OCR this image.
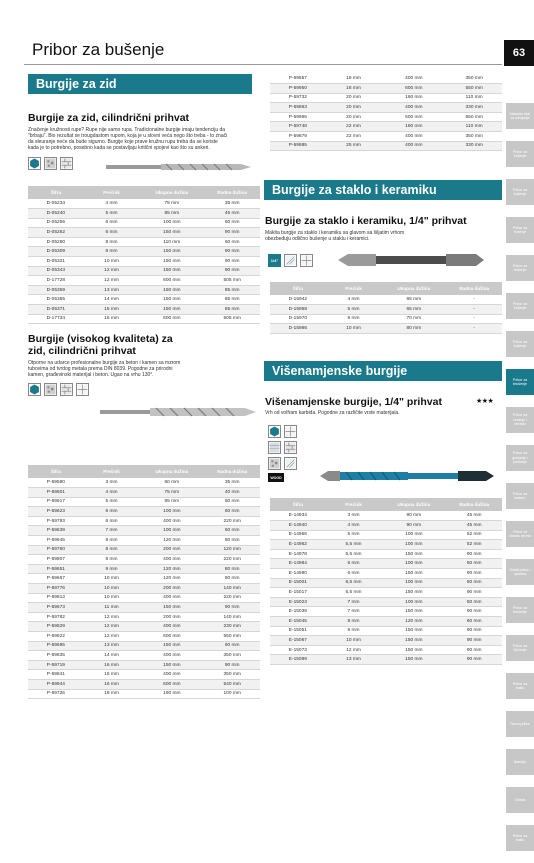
Pribor za bušenje	63
Nasadni alat za odvijanje
Pribor za bušenje
Pribor za bušenje
Pribor za bušenje
Pribor za bušenje
Pribor za bušenje
Pribor za bušenje
Pribor za brušenje
Pribor za rezanje i obradu
Pribor za glodanje i poliranje
Pribor za testere
Pribor za obradu drveta
Ostali pribor i oprema
Pribor za brušenje
Pribor za čišćenje
Pribor za baštu
Razni pribor
Baterije
Odeća
Pribor za baštu
Burgije za zid
Burgije za zid, cilindrični prihvat
Značenje kružnosti rupe? Rupe nije samo rupa. Tradicionalne burgije imaju tendenciju da
"brbaju". Bio rezultat se trougdastom rupom, koja je u slovni veća nego što treba - to znači
da sleuranje neće da bude sigurno. Burgije koje prave kružnu rupu treba da se koriste
kada je to potrebno, posebno kada se postavljaju kritični spojevi kao što su ankeri.
Šifra	Prečnik	Ukupna dužina	Radna dužina
D-05234	4 mm	75 mm	35 mm
D-05240	5 mm	85 mm	45 mm
D-05256	6 mm	100 mm	60 mm
D-05262	6 mm	150 mm	90 mm
D-05290	8 mm	110 mm	60 mm
D-05309	8 mm	150 mm	90 mm
D-05321	10 mm	150 mm	90 mm
D-05343	12 mm	150 mm	90 mm
D-17728	12 mm	600 mm	505 mm
D-05359	13 mm	150 mm	85 mm
D-05365	14 mm	150 mm	85 mm
D-05371	15 mm	150 mm	85 mm
D-17734	16 mm	600 mm	505 mm
Burgije (visokog kvaliteta) za
zid, cilindrični prihvat
Otporne na udarce profesionalne burgije za beton i kamen sa mzrom
tubovima od tvrdog metala prema DIN 8039. Pogodne za prirodni
kamen, građevinski materijal i beton. Ugao na vrhu 130°.
Šifra	Prečnik	Ukupna dužina	Radna dužina
P-59580	3 mm	60 mm	35 mm
P-59601	4 mm	75 mm	40 mm
P-59617	5 mm	85 mm	50 mm
P-59623	6 mm	100 mm	60 mm
P-59793	6 mm	400 mm	220 mm
P-59639	7 mm	100 mm	60 mm
P-59645	8 mm	120 mm	80 mm
P-59760	8 mm	200 mm	120 mm
P-59807	8 mm	400 mm	220 mm
P-59651	9 mm	120 mm	80 mm
P-59667	10 mm	120 mm	80 mm
P-59776	10 mm	200 mm	140 mm
P-59813	10 mm	400 mm	220 mm
P-59673	11 mm	150 mm	90 mm
P-59782	12 mm	200 mm	140 mm
P-59829	12 mm	400 mm	230 mm
P-59822	12 mm	600 mm	550 mm
P-59695	13 mm	150 mm	90 mm
P-59835	14 mm	400 mm	350 mm
P-59719	16 mm	150 mm	90 mm
P-59841	16 mm	400 mm	350 mm
P-59944	16 mm	600 mm	540 mm
P-59725	18 mm	160 mm	100 mm
P-59857	18 mm	400 mm	350 mm
P-59950	18 mm	600 mm	550 mm
P-59732	20 mm	160 mm	110 mm
P-59863	20 mm	400 mm	330 mm
P-59966	20 mm	600 mm	550 mm
P-59748	22 mm	160 mm	110 mm
P-59879	22 mm	400 mm	350 mm
P-59885	25 mm	400 mm	330 mm
Burgije za staklo i keramiku
Burgije za staklo i keramiku, 1/4" prihvat
Makita burgije za staklo i keramiku sa glavom sa šiljatim vrhom
obezbeđuju odlično bušenje u staklu i keramici.
1/4"
Šifra	Prečnik	Ukupna dužina	Radna dužina
D-15942	4 mm	65 mm	-
D-15958	5 mm	65 mm	-
D-15970	8 mm	70 mm	-
D-15986	10 mm	80 mm	-
Višenamjenske burgije
Višenamjenske burgije, 1/4" prihvat	★★★
Vrh od volfram karbida. Pogodne za različite vrste materijala.
WOOD
Šifra	Prečnik	Ukupna dužina	Radna dužina
E-14934	3 mm	90 mm	45 mm
E-14940	4 mm	90 mm	45 mm
E-14956	5 mm	100 mm	52 mm
E-14962	5,5 mm	100 mm	52 mm
E-14978	5,5 mm	150 mm	90 mm
E-14984	6 mm	100 mm	50 mm
E-14990	6 mm	150 mm	90 mm
E-15001	6,5 mm	100 mm	50 mm
E-15017	6,5 mm	150 mm	90 mm
E-15023	7 mm	100 mm	50 mm
E-15039	7 mm	150 mm	90 mm
E-15045	8 mm	120 mm	60 mm
E-15051	8 mm	150 mm	90 mm
E-15067	10 mm	150 mm	90 mm
E-15073	12 mm	150 mm	90 mm
E-15089	13 mm	150 mm	90 mm
